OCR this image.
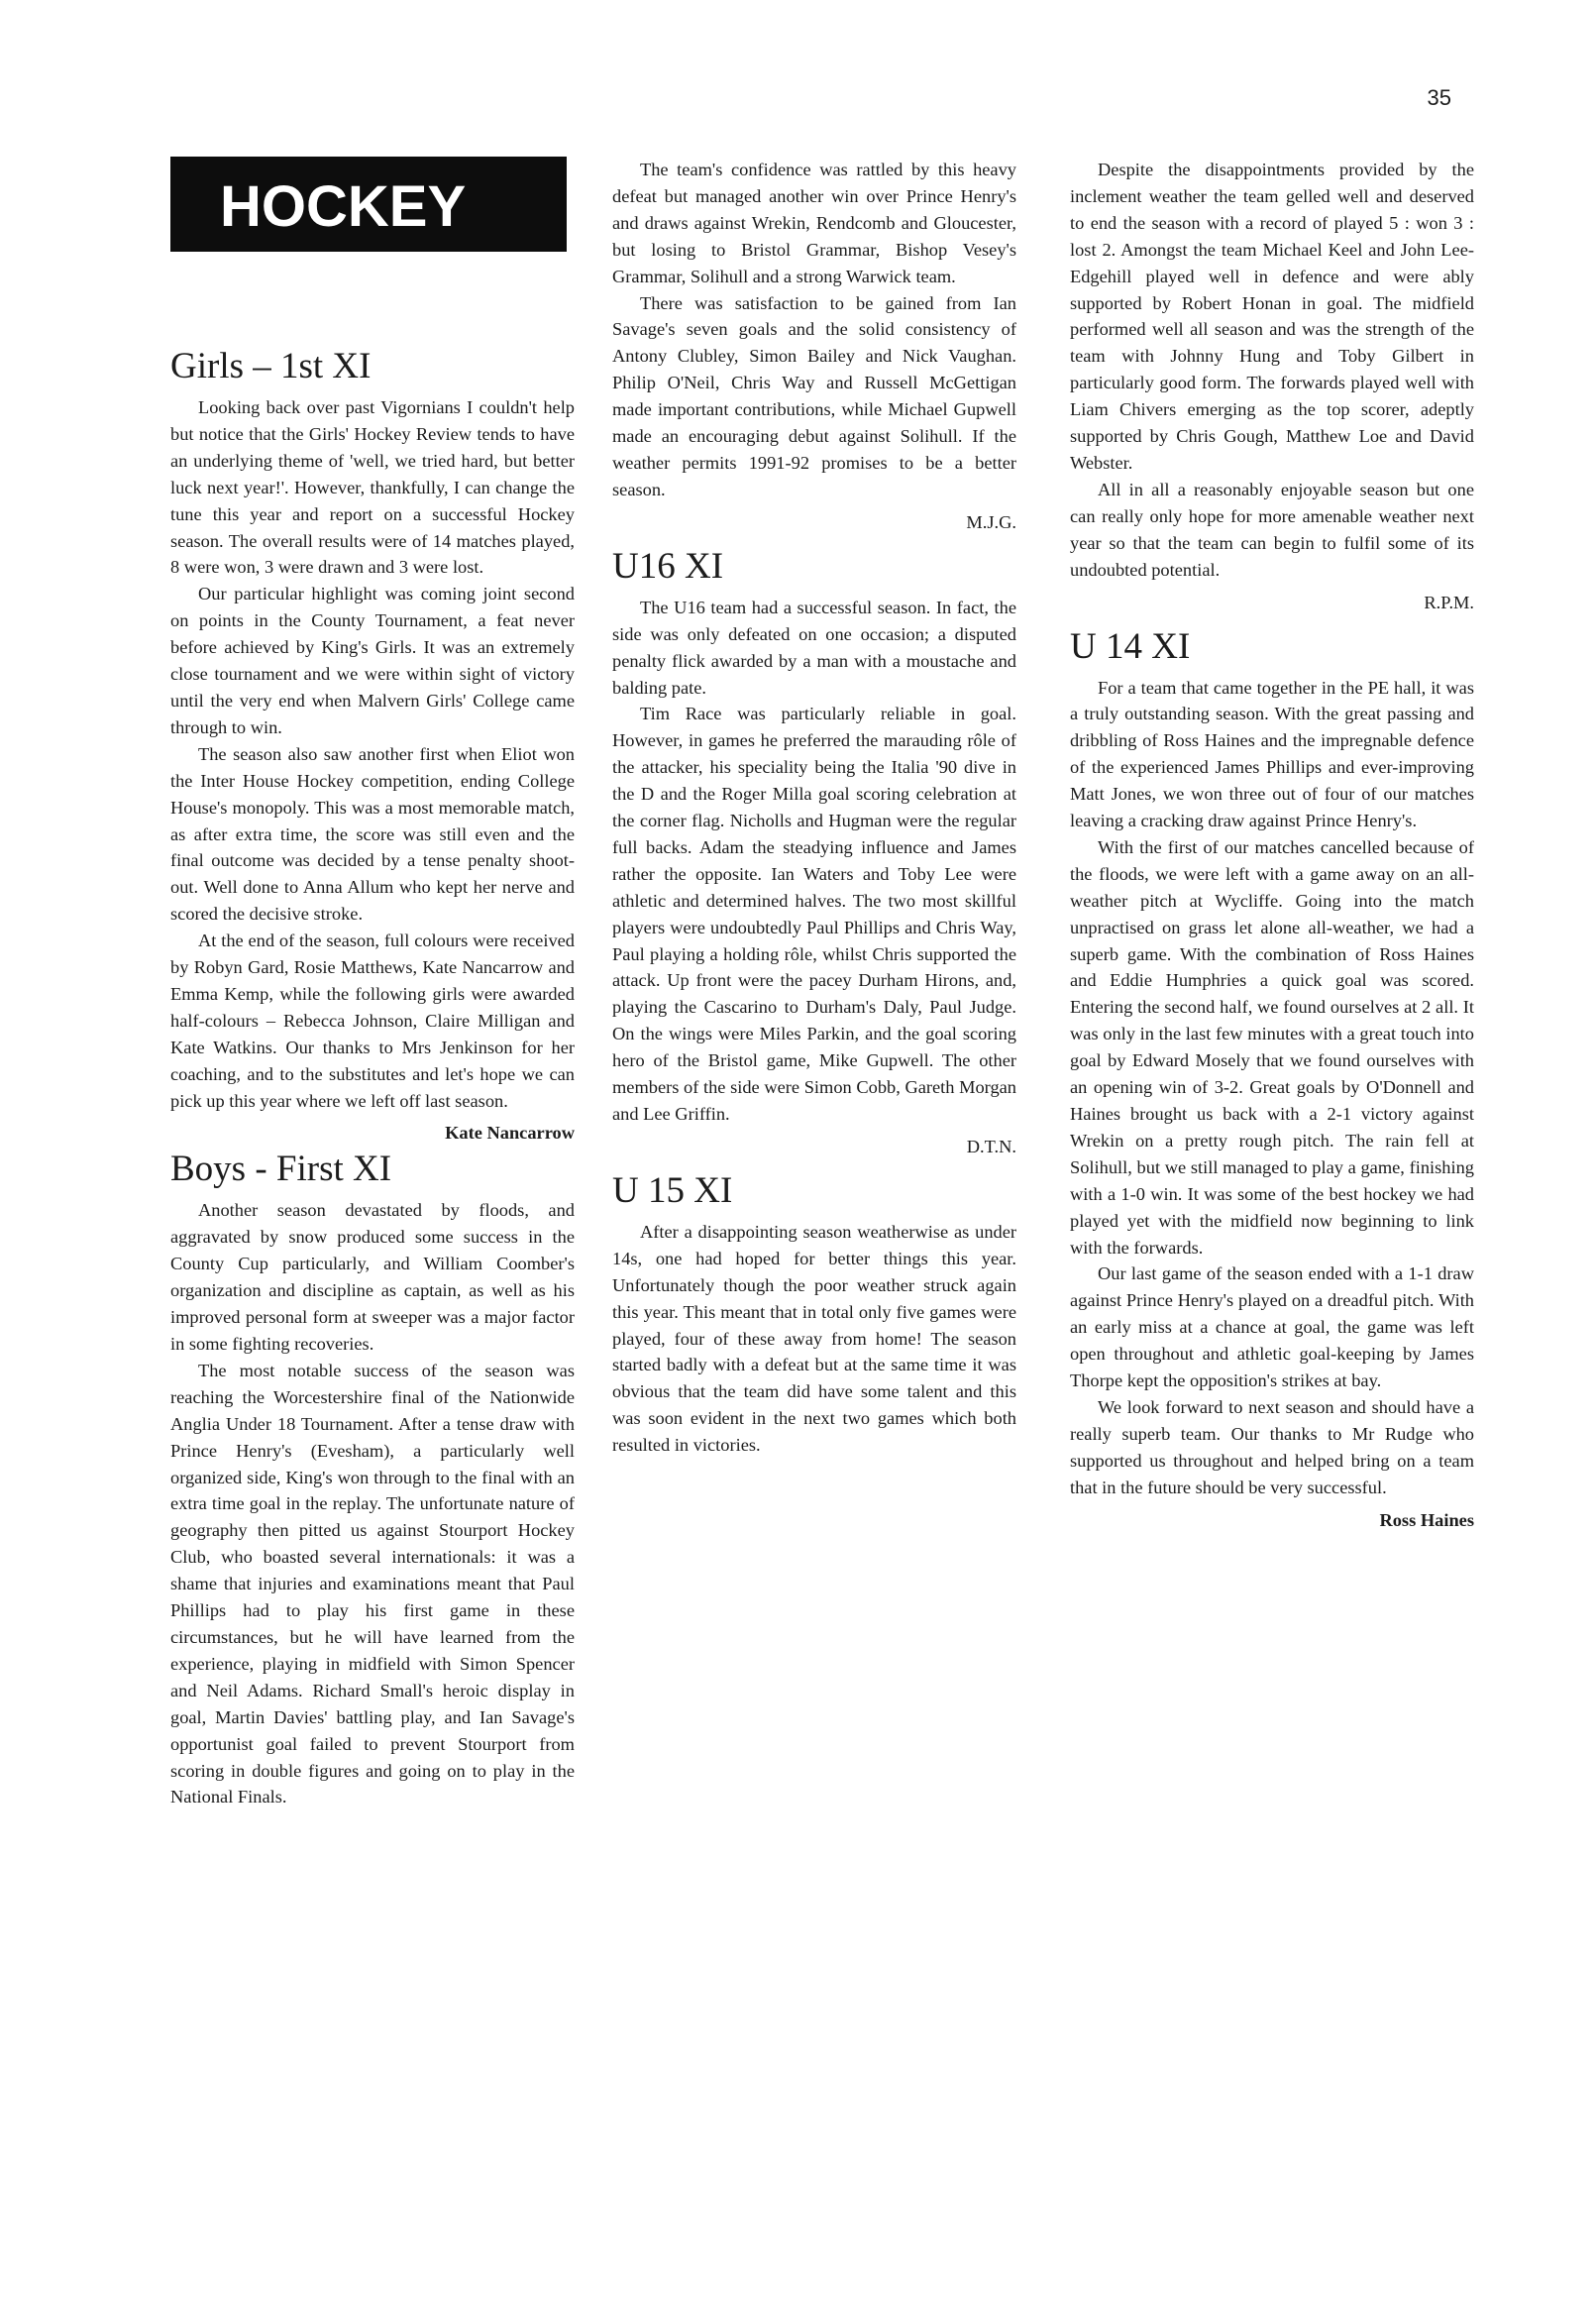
35
HOCKEY
Girls – 1st XI

Looking back over past Vigornians I couldn't help but notice that the Girls' Hockey Review tends to have an underlying theme of 'well, we tried hard, but better luck next year!'. However, thankfully, I can change the tune this year and report on a successful Hockey season. The overall results were of 14 matches played, 8 were won, 3 were drawn and 3 were lost.

Our particular highlight was coming joint second on points in the County Tournament, a feat never before achieved by King's Girls. It was an extremely close tournament and we were within sight of victory until the very end when Malvern Girls' College came through to win.

The season also saw another first when Eliot won the Inter House Hockey competition, ending College House's monopoly. This was a most memorable match, as after extra time, the score was still even and the final outcome was decided by a tense penalty shoot-out. Well done to Anna Allum who kept her nerve and scored the decisive stroke.

At the end of the season, full colours were received by Robyn Gard, Rosie Matthews, Kate Nancarrow and Emma Kemp, while the following girls were awarded half-colours – Rebecca Johnson, Claire Milligan and Kate Watkins. Our thanks to Mrs Jenkinson for her coaching, and to the substitutes and let's hope we can pick up this year where we left off last season.

Kate Nancarrow
Boys - First XI

Another season devastated by floods, and aggravated by snow produced some success in the County Cup particularly, and William Coomber's organization and discipline as captain, as well as his improved personal form at sweeper was a major factor in some fighting recoveries.

The most notable success of the season was reaching the Worcestershire final of the Nationwide Anglia Under 18 Tournament. After a tense draw with Prince Henry's (Evesham), a particularly well organized side, King's won through to the final with an extra time goal in the replay. The unfortunate nature of geography then pitted us against Stourport Hockey Club, who boasted several internationals: it was a shame that injuries and examinations meant that Paul Phillips had to play his first game in these circumstances, but he will have learned from the experience, playing in midfield with Simon Spencer and Neil Adams. Richard Small's heroic display in goal, Martin Davies' battling play, and Ian Savage's opportunist goal failed to prevent Stourport from scoring in double figures and going on to play in the National Finals.

The team's confidence was rattled by this heavy defeat but managed another win over Prince Henry's and draws against Wrekin, Rendcomb and Gloucester, but losing to Bristol Grammar, Bishop Vesey's Grammar, Solihull and a strong Warwick team.

There was satisfaction to be gained from Ian Savage's seven goals and the solid consistency of Antony Clubley, Simon Bailey and Nick Vaughan. Philip O'Neil, Chris Way and Russell McGettigan made important contributions, while Michael Gupwell made an encouraging debut against Solihull. If the weather permits 1991-92 promises to be a better season.

M.J.G.
U16 XI

The U16 team had a successful season. In fact, the side was only defeated on one occasion; a disputed penalty flick awarded by a man with a moustache and balding pate.

Tim Race was particularly reliable in goal. However, in games he preferred the marauding rôle of the attacker, his speciality being the Italia '90 dive in the D and the Roger Milla goal scoring celebration at the corner flag. Nicholls and Hugman were the regular full backs. Adam the steadying influence and James rather the opposite. Ian Waters and Toby Lee were athletic and determined halves. The two most skillful players were undoubtedly Paul Phillips and Chris Way, Paul playing a holding rôle, whilst Chris supported the attack. Up front were the pacey Durham Hirons, and, playing the Cascarino to Durham's Daly, Paul Judge. On the wings were Miles Parkin, and the goal scoring hero of the Bristol game, Mike Gupwell. The other members of the side were Simon Cobb, Gareth Morgan and Lee Griffin.

D.T.N.
U 15 XI

After a disappointing season weatherwise as under 14s, one had hoped for better things this year. Unfortunately though the poor weather struck again this year. This meant that in total only five games were played, four of these away from home! The season started badly with a defeat but at the same time it was obvious that the team did have some talent and this was soon evident in the next two games which both resulted in victories.

Despite the disappointments provided by the inclement weather the team gelled well and deserved to end the season with a record of played 5 : won 3 : lost 2. Amongst the team Michael Keel and John Lee-Edgehill played well in defence and were ably supported by Robert Honan in goal. The midfield performed well all season and was the strength of the team with Johnny Hung and Toby Gilbert in particularly good form. The forwards played well with Liam Chivers emerging as the top scorer, adeptly supported by Chris Gough, Matthew Loe and David Webster.

All in all a reasonably enjoyable season but one can really only hope for more amenable weather next year so that the team can begin to fulfil some of its undoubted potential.

R.P.M.
U 14 XI

For a team that came together in the PE hall, it was a truly outstanding season. With the great passing and dribbling of Ross Haines and the impregnable defence of the experienced James Phillips and ever-improving Matt Jones, we won three out of four of our matches leaving a cracking draw against Prince Henry's.

With the first of our matches cancelled because of the floods, we were left with a game away on an all-weather pitch at Wycliffe. Going into the match unpractised on grass let alone all-weather, we had a superb game. With the combination of Ross Haines and Eddie Humphries a quick goal was scored. Entering the second half, we found ourselves at 2 all. It was only in the last few minutes with a great touch into goal by Edward Mosely that we found ourselves with an opening win of 3-2. Great goals by O'Donnell and Haines brought us back with a 2-1 victory against Wrekin on a pretty rough pitch. The rain fell at Solihull, but we still managed to play a game, finishing with a 1-0 win. It was some of the best hockey we had played yet with the midfield now beginning to link with the forwards.

Our last game of the season ended with a 1-1 draw against Prince Henry's played on a dreadful pitch. With an early miss at a chance at goal, the game was left open throughout and athletic goal-keeping by James Thorpe kept the opposition's strikes at bay.

We look forward to next season and should have a really superb team. Our thanks to Mr Rudge who supported us throughout and helped bring on a team that in the future should be very successful.

Ross Haines
